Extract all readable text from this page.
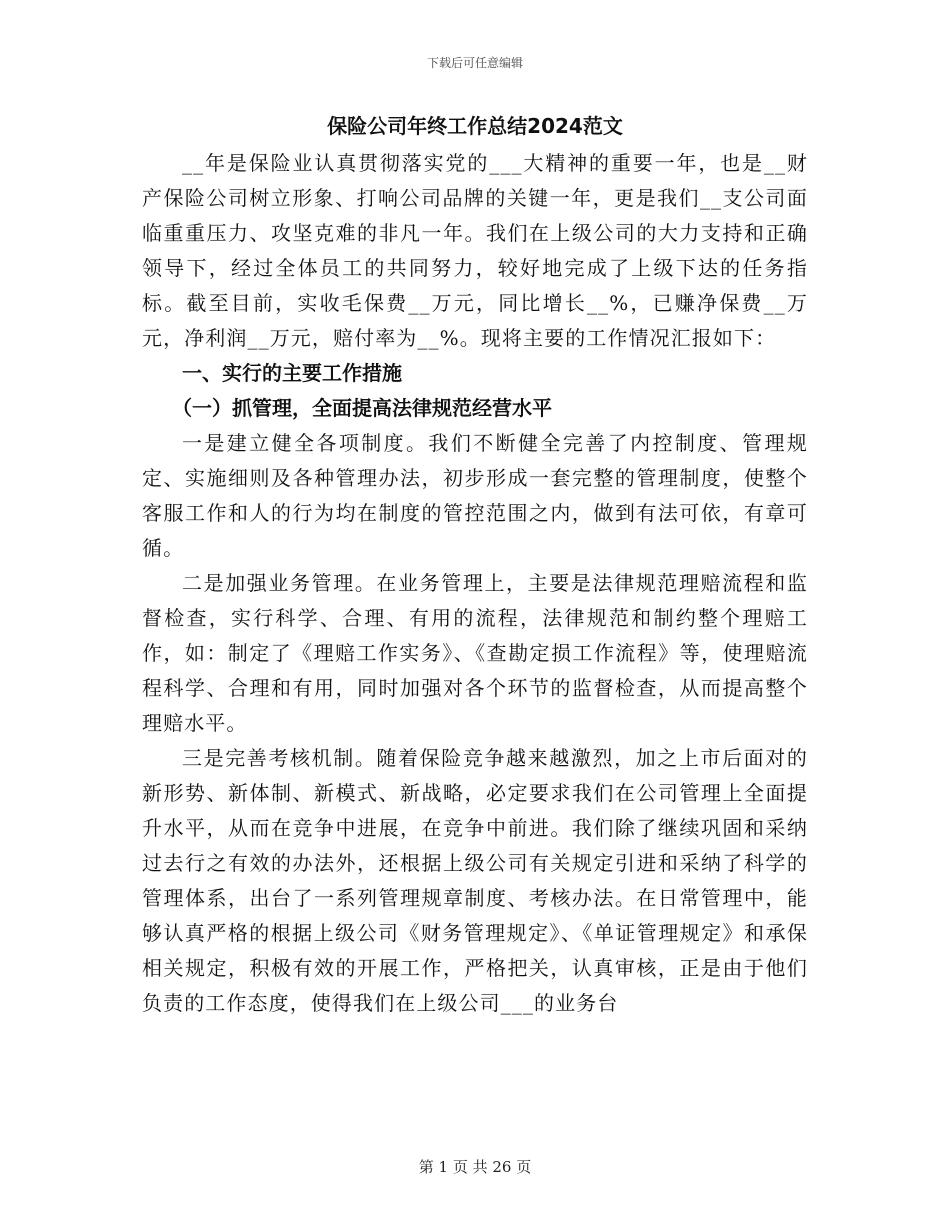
下载后可任意编辑
保险公司年终工作总结2024范文

__年是保险业认真贯彻落实党的___大精神的重要一年，也是__财产保险公司树立形象、打响公司品牌的关键一年，更是我们__支公司面临重重压力、攻坚克难的非凡一年。我们在上级公司的大力支持和正确领导下，经过全体员工的共同努力，较好地完成了上级下达的任务指标。截至目前，实收毛保费__万元，同比增长__%，已赚净保费__万元，净利润__万元，赔付率为__%。现将主要的工作情况汇报如下：

一、实行的主要工作措施
（一）抓管理，全面提高法律规范经营水平

一是建立健全各项制度。我们不断健全完善了内控制度、管理规定、实施细则及各种管理办法，初步形成一套完整的管理制度，使整个客服工作和人的行为均在制度的管控范围之内，做到有法可依，有章可循。

二是加强业务管理。在业务管理上，主要是法律规范理赔流程和监督检查，实行科学、合理、有用的流程，法律规范和制约整个理赔工作，如：制定了《理赔工作实务》、《查勘定损工作流程》等，使理赔流程科学、合理和有用，同时加强对各个环节的监督检查，从而提高整个理赔水平。

三是完善考核机制。随着保险竞争越来越激烈，加之上市后面对的新形势、新体制、新模式、新战略，必定要求我们在公司管理上全面提升水平，从而在竞争中进展，在竞争中前进。我们除了继续巩固和采纳过去行之有效的办法外，还根据上级公司有关规定引进和采纳了科学的管理体系，出台了一系列管理规章制度、考核办法。在日常管理中，能够认真严格的根据上级公司《财务管理规定》、《单证管理规定》和承保相关规定，积极有效的开展工作，严格把关，认真审核，正是由于他们负责的工作态度，使得我们在上级公司___的业务台

第 1 页 共 26 页
